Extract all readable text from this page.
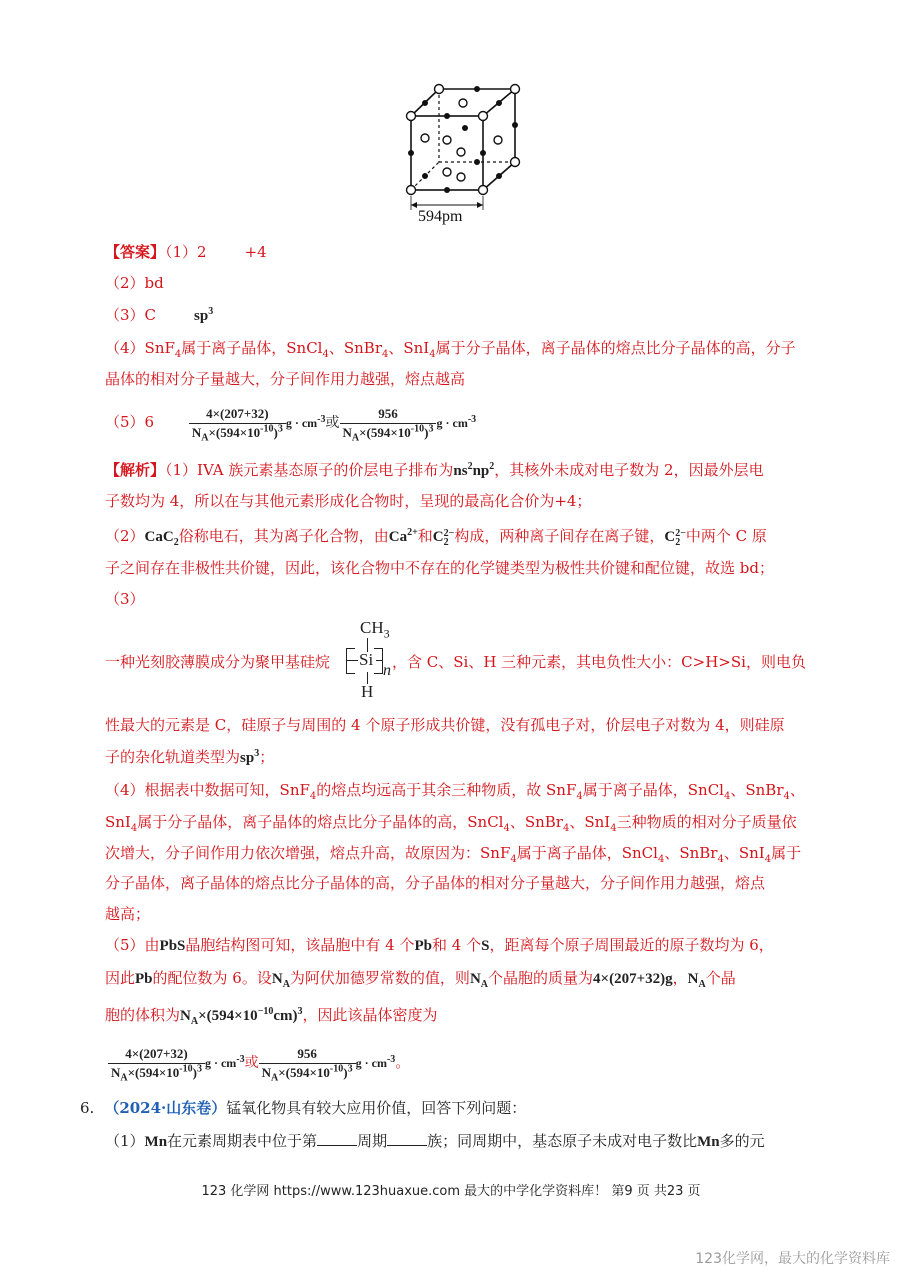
594pm
【答案】（1）2	+4
（2）bd
（3）C	$sp^3$
（4）SnF$_4$属于离子晶体，SnCl$_4$、SnBr$_4$、SnI$_4$属于分子晶体，离子晶体的熔点比分子晶体的高，分子
晶体的相对分子量越大，分子间作用力越强，熔点越高
（5）6	$\frac{4\times(207+32)}{N_A\times(594\times 10^{-10})^3}$ $g \cdot cm^{-3}$或 $\frac{956}{N_A\times(594\times 10^{-10})^3}$ $g \cdot cm^{-3}$
【解析】（1）IVA 族元素基态原子的价层电子排布为$ns^2np^2$，其核外未成对电子数为 2，因最外层电
子数均为 4，所以在与其他元素形成化合物时，呈现的最高化合价为+4；
（2）CaC$_2$俗称电石，其为离子化合物，由$Ca^{2+}$和C 2−
2 构成，两种离子间存在离子键，C 2−
2 中两个 C 原
子之间存在非极性共价键，因此，该化合物中不存在的化学键类型为极性共价键和配位键，故选 bd；
（3）
$CH_3$
Si
n
H
一种光刻胶薄膜成分为聚甲基硅烷	，含 C、Si、H 三种元素，其电负性大小：C>H>Si，则电负
性最大的元素是 C，硅原子与周围的 4 个原子形成共价键，没有孤电子对，价层电子对数为 4，则硅原
子的杂化轨道类型为$sp^3$；
（4）根据表中数据可知，SnF$_4$的熔点均远高于其余三种物质，故 SnF$_4$属于离子晶体，SnCl$_4$、SnBr$_4$、
SnI$_4$属于分子晶体，离子晶体的熔点比分子晶体的高，SnCl$_4$、SnBr$_4$、SnI$_4$三种物质的相对分子质量依
次增大，分子间作用力依次增强，熔点升高，故原因为：SnF$_4$属于离子晶体，SnCl$_4$、SnBr$_4$、SnI$_4$属于
分子晶体，离子晶体的熔点比分子晶体的高，分子晶体的相对分子量越大，分子间作用力越强，熔点
越高；
（5）由PbS晶胞结构图可知，该晶胞中有 4 个Pb和 4 个S，距离每个原子周围最近的原子数均为 6，
因此Pb的配位数为 6。设$N_A$为阿伏加德罗常数的值，则$N_A$个晶胞的质量为4×(207+32)g，$N_A$个晶
胞的体积为$N_A\times(594\times 10^{-10}cm)^3$，因此该晶体密度为
$\frac{4\times(207+32)}{N_A\times(594\times 10^{-10})^3}$ $g \cdot cm^{-3}$或 $\frac{956}{N_A\times(594\times 10^{-10})^3}$ $g \cdot cm^{-3}$。
6. （2024·山东卷）锰氧化物具有较大应用价值，回答下列问题：
（1）Mn在元素周期表中位于第	周期	族；同周期中，基态原子未成对电子数比Mn多的元
123 化学网 https://www.123huaxue.com 最大的中学化学资料库！ 第9 页 共23 页
123化学网，最大的化学资料库
